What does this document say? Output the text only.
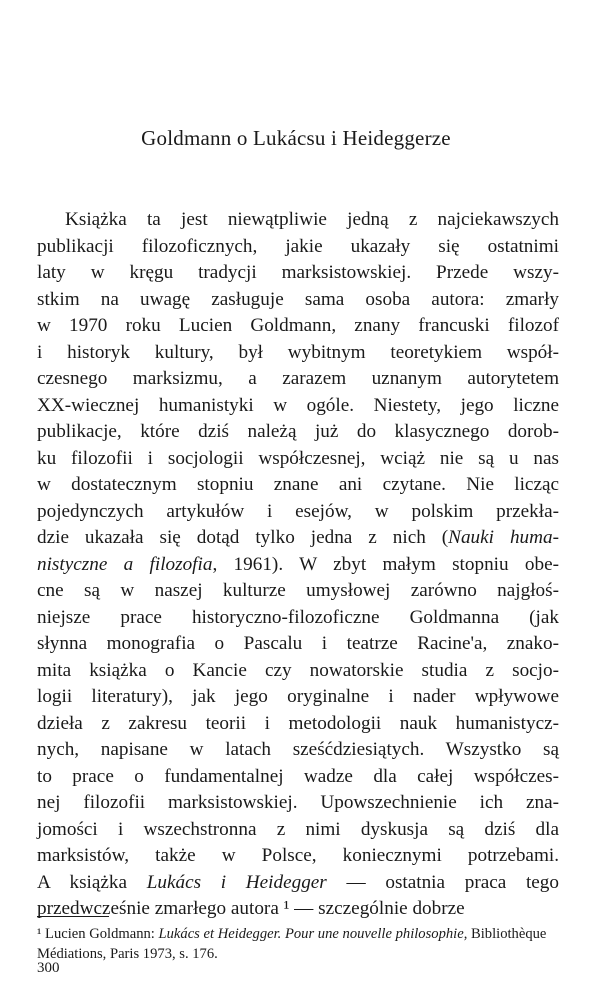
Goldmann o Lukácsu i Heideggerze
Książka ta jest niewątpliwie jedną z najciekawszych
publikacji filozoficznych, jakie ukazały się ostatnimi
laty w kręgu tradycji marksistowskiej. Przede wszy-
stkim na uwagę zasługuje sama osoba autora: zmarły
w 1970 roku Lucien Goldmann, znany francuski filozof
i historyk kultury, był wybitnym teoretykiem współ-
czesnego marksizmu, a zarazem uznanym autorytetem
XX-wiecznej humanistyki w ogóle. Niestety, jego liczne
publikacje, które dziś należą już do klasycznego dorob-
ku filozofii i socjologii współczesnej, wciąż nie są u nas
w dostatecznym stopniu znane ani czytane. Nie licząc
pojedynczych artykułów i esejów, w polskim przekła-
dzie ukazała się dotąd tylko jedna z nich (Nauki huma-
nistyczne a filozofia, 1961). W zbyt małym stopniu obe-
cne są w naszej kulturze umysłowej zarówno najgłoś-
niejsze prace historyczno-filozoficzne Goldmanna (jak
słynna monografia o Pascalu i teatrze Racine'a, znako-
mita książka o Kancie czy nowatorskie studia z socjo-
logii literatury), jak jego oryginalne i nader wpływowe
dzieła z zakresu teorii i metodologii nauk humanistycz-
nych, napisane w latach sześćdziesiątych. Wszystko są
to prace o fundamentalnej wadze dla całej współczes-
nej filozofii marksistowskiej. Upowszechnienie ich zna-
jomości i wszechstronna z nimi dyskusja są dziś dla
marksistów, także w Polsce, koniecznymi potrzebami.
A książka Lukács i Heidegger — ostatnia praca tego
przedwcześnie zmarłego autora ¹ — szczególnie dobrze
¹ Lucien Goldmann: Lukács et Heidegger. Pour une nouvelle philosophie, Bibliothèque Médiations, Paris 1973, s. 176.
300
